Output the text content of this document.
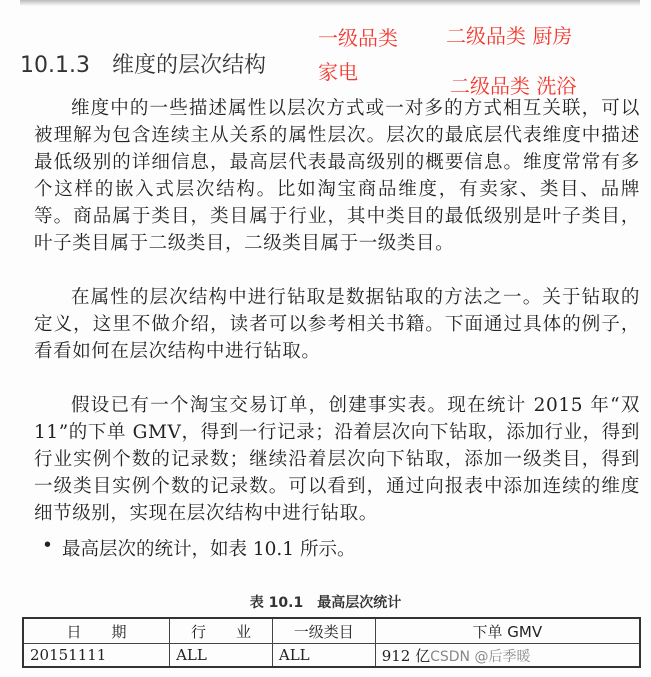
10.1.3 维度的层次结构
一级品类
家电
二级品类 厨房
二级品类 洗浴
维度中的一些描述属性以层次方式或一对多的方式相互关联，可以被理解为包含连续主从关系的属性层次。层次的最底层代表维度中描述最低级别的详细信息，最高层代表最高级别的概要信息。维度常常有多个这样的嵌入式层次结构。比如淘宝商品维度，有卖家、类目、品牌等。商品属于类目，类目属于行业，其中类目的最低级别是叶子类目，叶子类目属于二级类目，二级类目属于一级类目。
在属性的层次结构中进行钻取是数据钻取的方法之一。关于钻取的定义，这里不做介绍，读者可以参考相关书籍。下面通过具体的例子，看看如何在层次结构中进行钻取。
假设已有一个淘宝交易订单，创建事实表。现在统计 2015 年“双 11”的下单 GMV，得到一行记录；沿着层次向下钻取，添加行业，得到行业实例个数的记录数；继续沿着层次向下钻取，添加一级类目，得到一级类目实例个数的记录数。可以看到，通过向报表中添加连续的维度细节级别，实现在层次结构中进行钻取。
• 最高层次的统计，如表 10.1 所示。
表 10.1　最高层次统计
日　　期	行　　业	一级类目	下单 GMV
20151111	ALL	ALL	912 亿CSDN @后季暖
